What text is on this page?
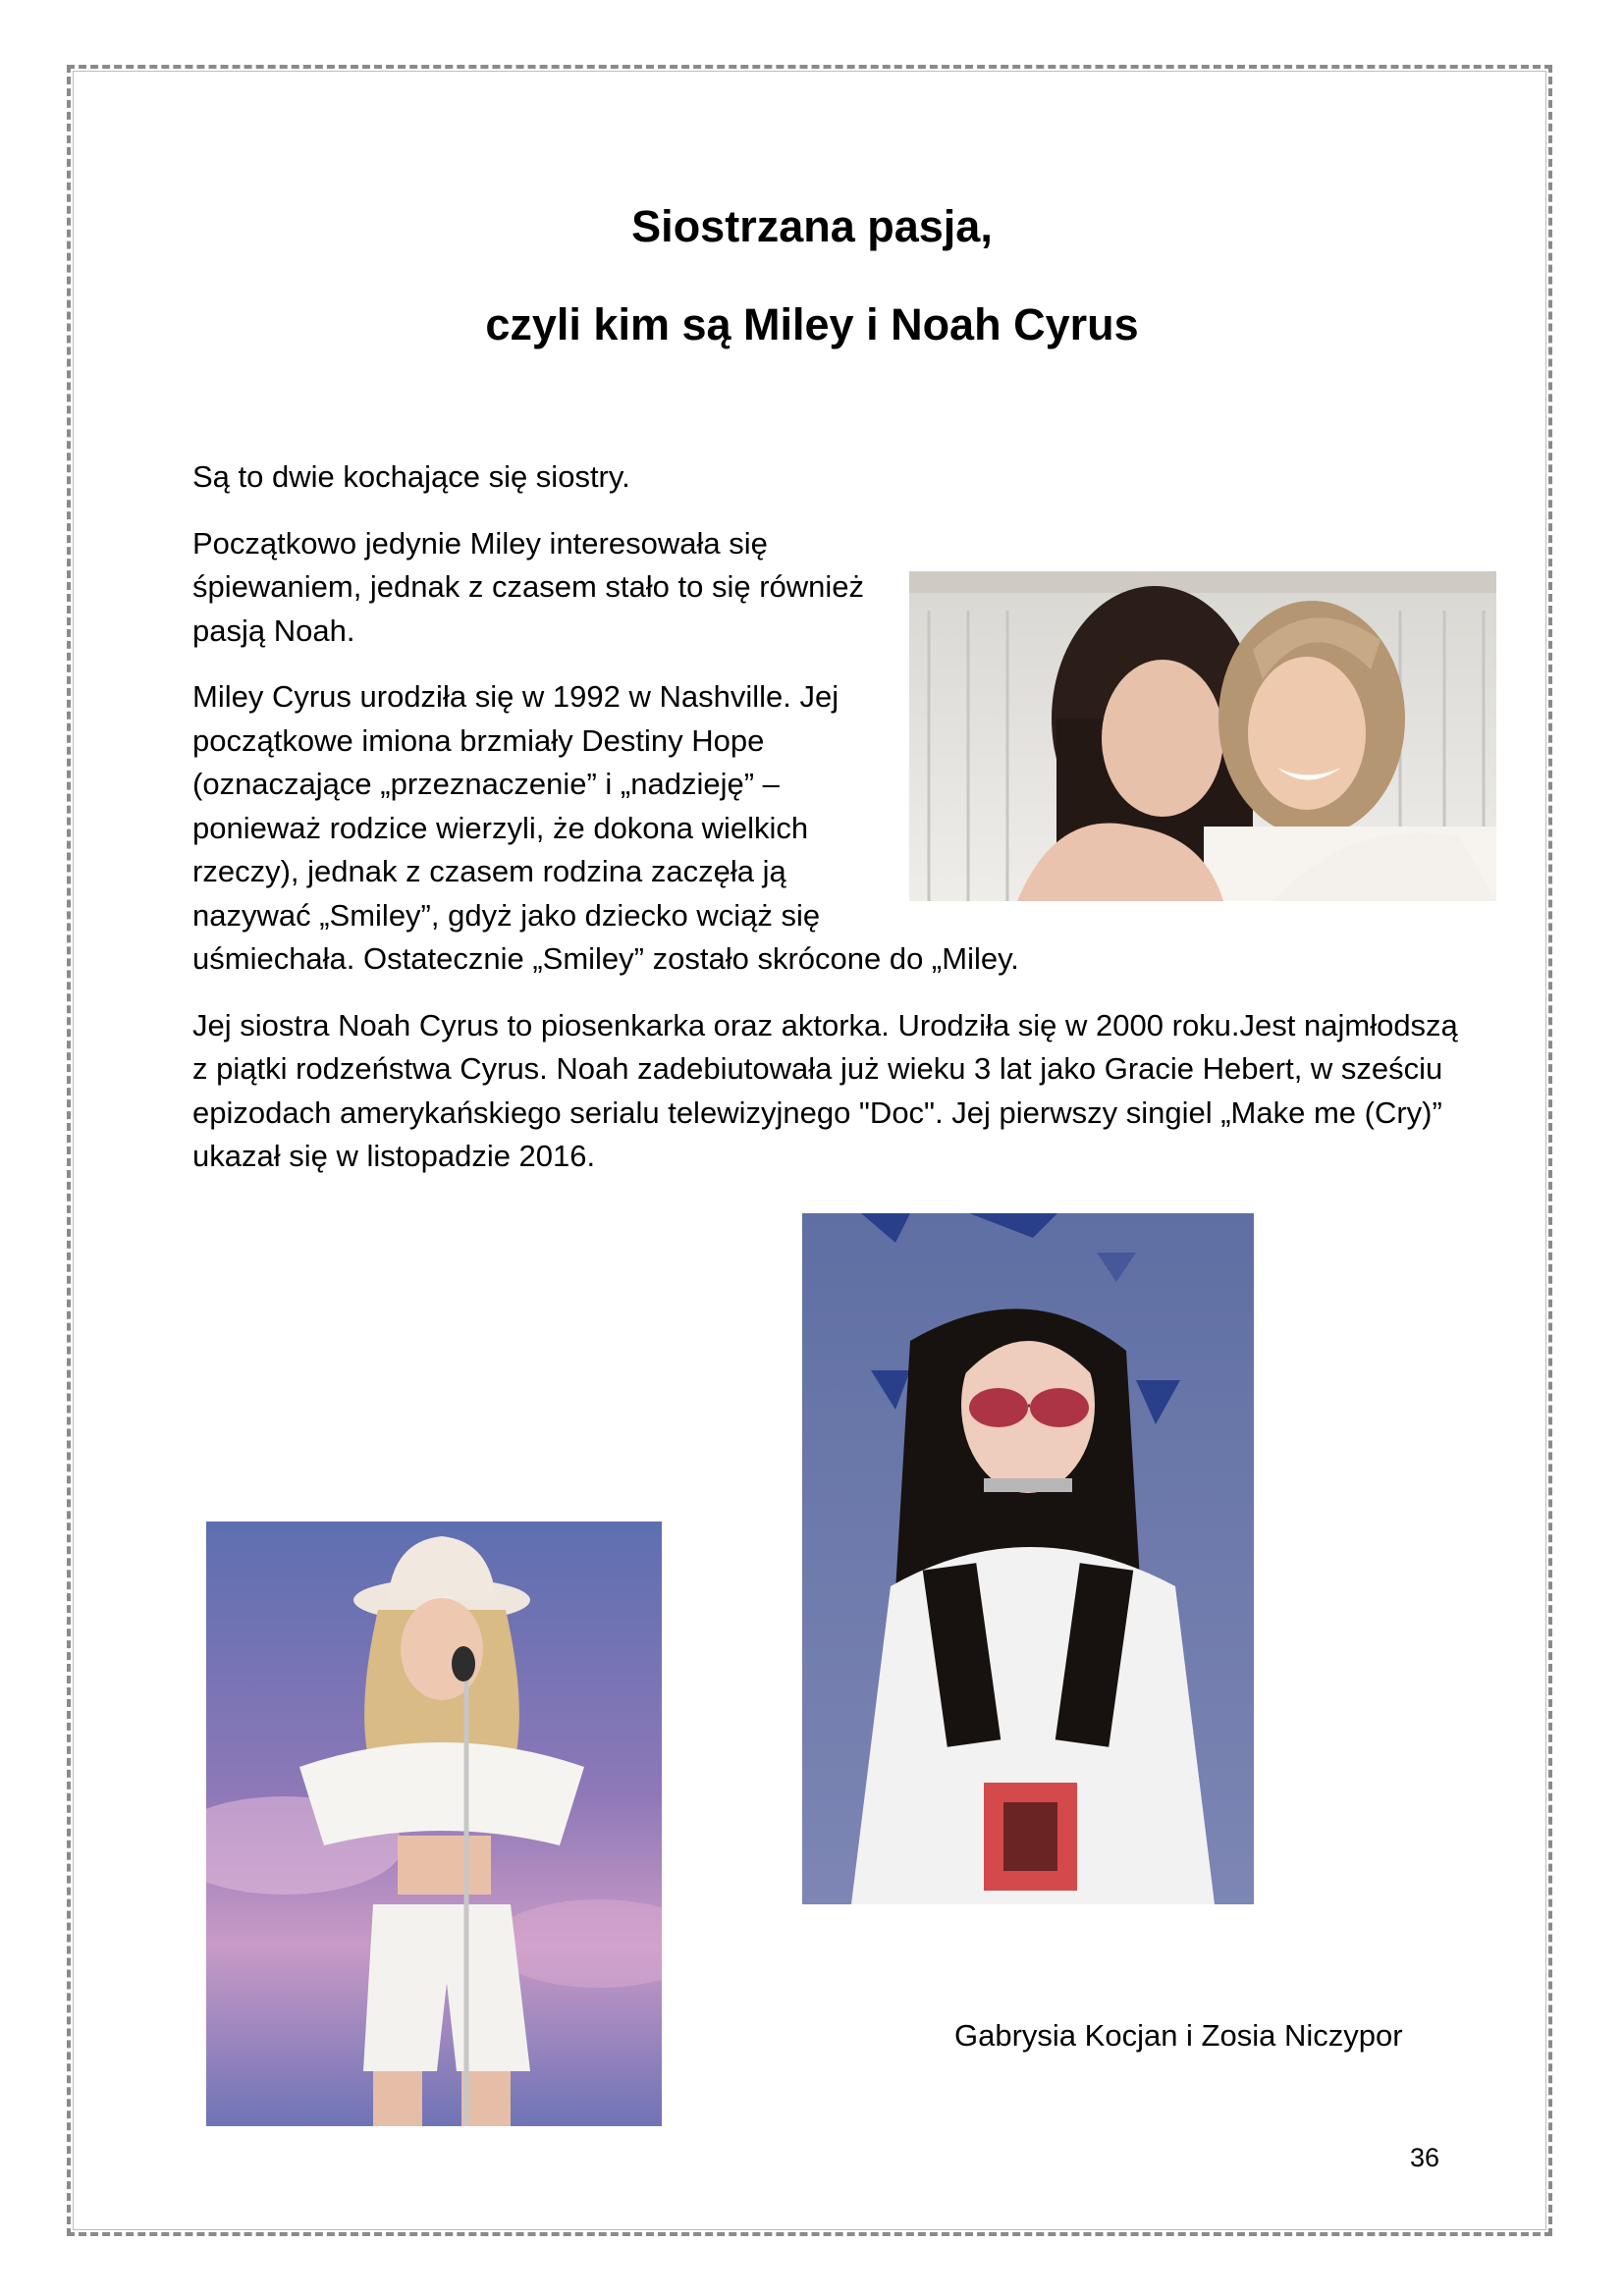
Siostrzana pasja,
czyli kim są Miley i Noah Cyrus

Są to dwie kochające się siostry.

Początkowo jedynie Miley interesowała się śpiewaniem, jednak z czasem stało to się również pasją Noah.

Miley Cyrus urodziła się w 1992 w Nashville. Jej początkowe imiona brzmiały Destiny Hope (oznaczające „przeznaczenie” i „nadzieję” – ponieważ rodzice wierzyli, że dokona wielkich rzeczy), jednak z czasem rodzina zaczęła ją nazywać „Smiley”, gdyż jako dziecko wciąż się uśmiechała. Ostatecznie „Smiley” zostało skrócone do „Miley.

Jej siostra Noah Cyrus to piosenkarka oraz aktorka. Urodziła się w 2000 roku.Jest najmłodszą z piątki rodzeństwa Cyrus. Noah zadebiutowała już wieku 3 lat jako Gracie Hebert, w sześciu epizodach amerykańskiego serialu telewizyjnego "Doc". Jej pierwszy singiel „Make me (Cry)” ukazał się w listopadzie 2016.

Gabrysia Kocjan i Zosia Niczypor
36
